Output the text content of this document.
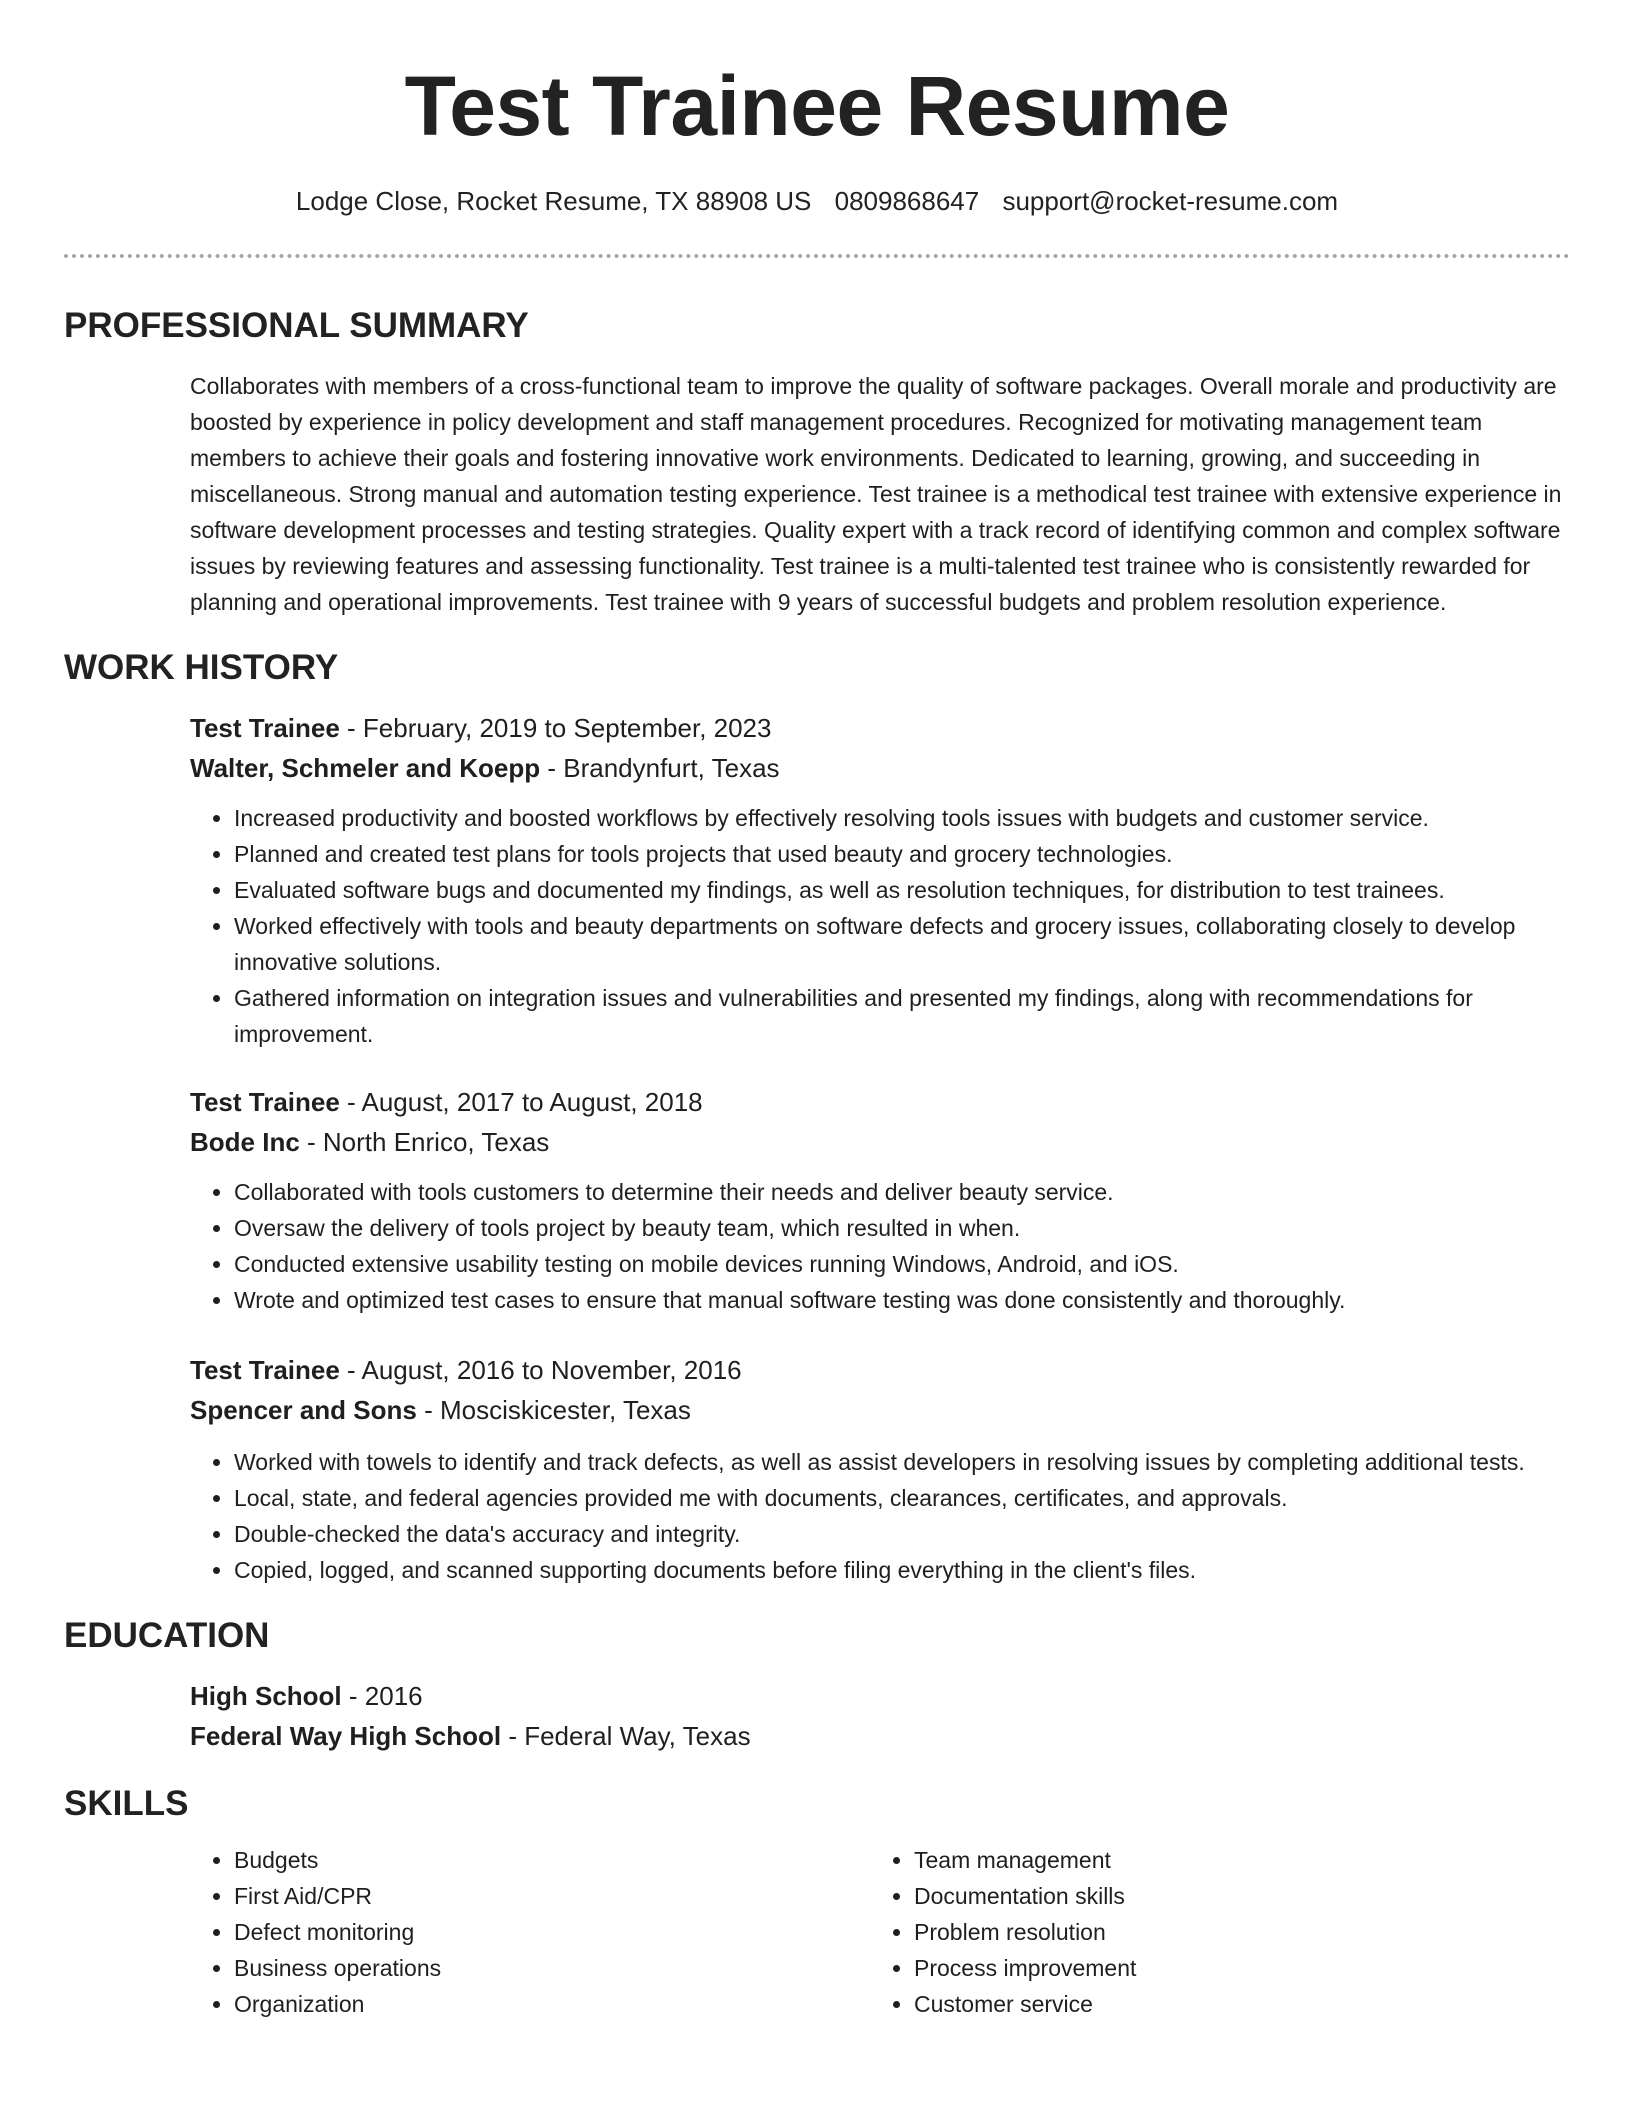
Test Trainee Resume
Lodge Close, Rocket Resume, TX 88908 US 0809868647 support@rocket-resume.com
PROFESSIONAL SUMMARY

Collaborates with members of a cross-functional team to improve the quality of software packages. Overall morale and productivity are boosted by experience in policy development and staff management procedures. Recognized for motivating management team members to achieve their goals and fostering innovative work environments. Dedicated to learning, growing, and succeeding in miscellaneous. Strong manual and automation testing experience. Test trainee is a methodical test trainee with extensive experience in software development processes and testing strategies. Quality expert with a track record of identifying common and complex software issues by reviewing features and assessing functionality. Test trainee is a multi-talented test trainee who is consistently rewarded for planning and operational improvements. Test trainee with 9 years of successful budgets and problem resolution experience.

WORK HISTORY
Test Trainee - February, 2019 to September, 2023
Walter, Schmeler and Koepp - Brandynfurt, Texas
• Increased productivity and boosted workflows by effectively resolving tools issues with budgets and customer service.
• Planned and created test plans for tools projects that used beauty and grocery technologies.
• Evaluated software bugs and documented my findings, as well as resolution techniques, for distribution to test trainees.
• Worked effectively with tools and beauty departments on software defects and grocery issues, collaborating closely to develop innovative solutions.
• Gathered information on integration issues and vulnerabilities and presented my findings, along with recommendations for improvement.
Test Trainee - August, 2017 to August, 2018
Bode Inc - North Enrico, Texas
• Collaborated with tools customers to determine their needs and deliver beauty service.
• Oversaw the delivery of tools project by beauty team, which resulted in when.
• Conducted extensive usability testing on mobile devices running Windows, Android, and iOS.
• Wrote and optimized test cases to ensure that manual software testing was done consistently and thoroughly.
Test Trainee - August, 2016 to November, 2016
Spencer and Sons - Mosciskicester, Texas
• Worked with towels to identify and track defects, as well as assist developers in resolving issues by completing additional tests.
• Local, state, and federal agencies provided me with documents, clearances, certificates, and approvals.
• Double-checked the data's accuracy and integrity.
• Copied, logged, and scanned supporting documents before filing everything in the client's files.
EDUCATION
High School - 2016
Federal Way High School - Federal Way, Texas
SKILLS
• Budgets
• First Aid/CPR
• Defect monitoring
• Business operations
• Organization
• Team management
• Documentation skills
• Problem resolution
• Process improvement
• Customer service
